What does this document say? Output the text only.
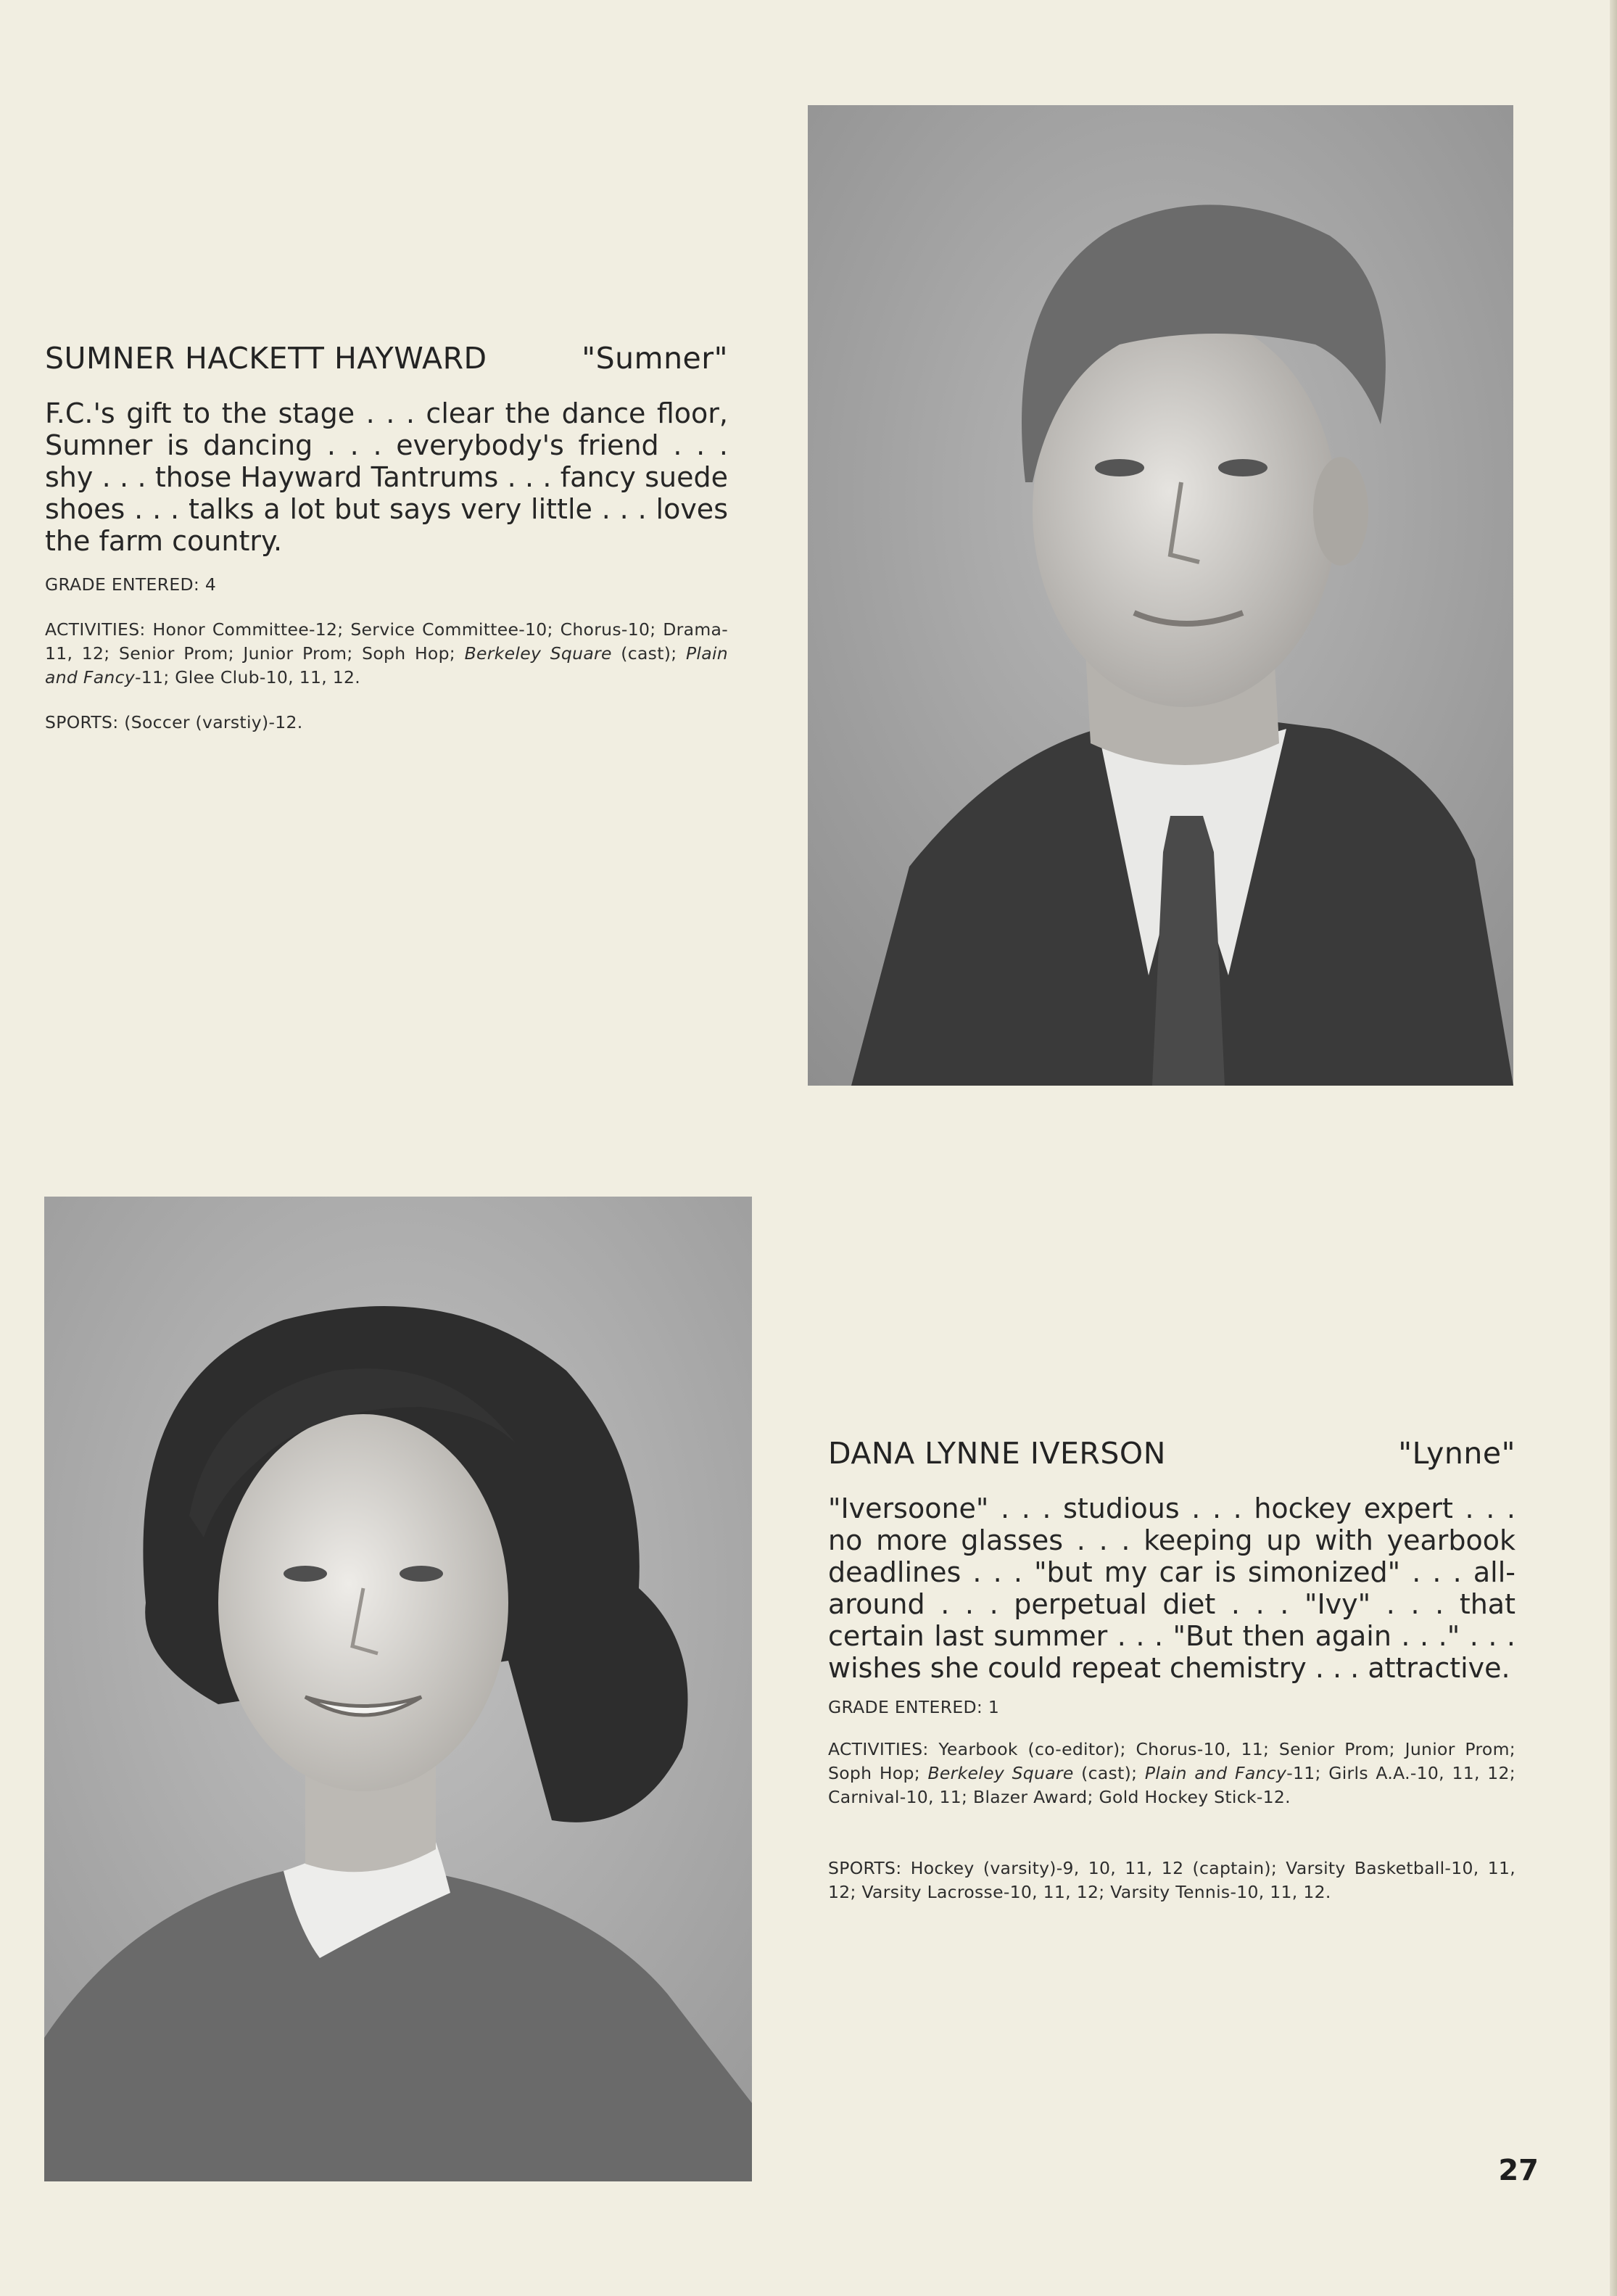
SUMNER HACKETT HAYWARD	"Sumner"
F.C.'s gift to the stage . . . clear the dance floor, Sumner is dancing . . . everybody's friend . . . shy . . . those Hayward Tantrums . . . fancy suede shoes . . . talks a lot but says very little . . . loves the farm country.
GRADE ENTERED: 4
ACTIVITIES: Honor Committee-12; Service Committee-10; Chorus-10; Drama-11, 12; Senior Prom; Junior Prom; Soph Hop; Berkeley Square (cast); Plain and Fancy-11; Glee Club-10, 11, 12.
SPORTS: (Soccer (varstiy)-12.
DANA LYNNE IVERSON	"Lynne"
"Iversoone" . . . studious . . . hockey expert . . . no more glasses . . . keeping up with yearbook deadlines . . . "but my car is simonized" . . . all-around . . . perpetual diet . . . "Ivy" . . . that certain last summer . . . "But then again . . ." . . . wishes she could repeat chemistry . . . attractive.
GRADE ENTERED: 1
ACTIVITIES: Yearbook (co-editor); Chorus-10, 11; Senior Prom; Junior Prom; Soph Hop; Berkeley Square (cast); Plain and Fancy-11; Girls A.A.-10, 11, 12; Carnival-10, 11; Blazer Award; Gold Hockey Stick-12.
SPORTS: Hockey (varsity)-9, 10, 11, 12 (captain); Varsity Basketball-10, 11, 12; Varsity Lacrosse-10, 11, 12; Varsity Tennis-10, 11, 12.
27
